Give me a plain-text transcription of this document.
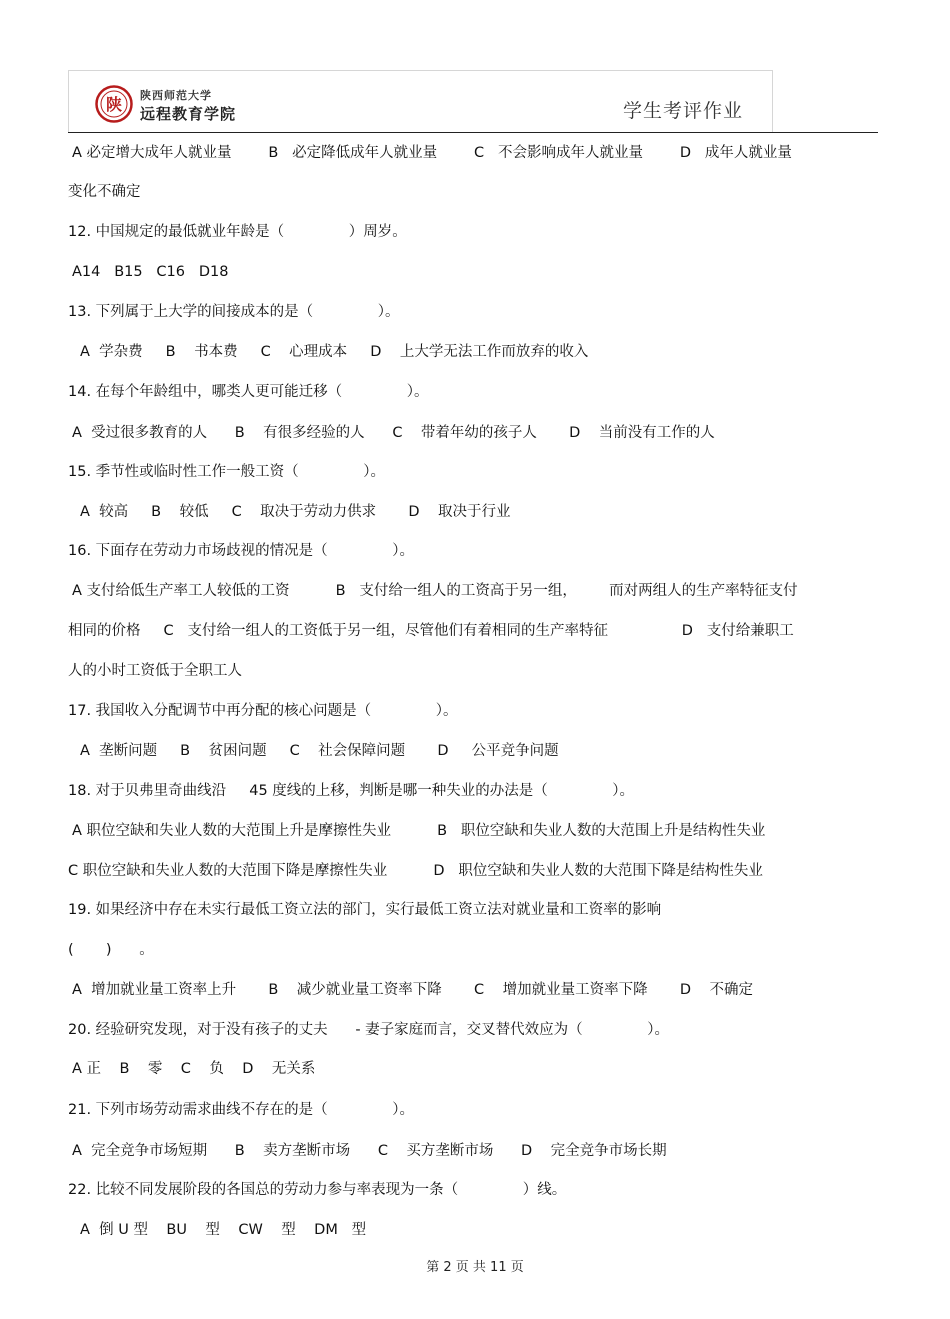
陕 陕西师范大学
远程教育学院	学生考评作业
A 必定增大成年人就业量        B   必定降低成年人就业量        C   不会影响成年人就业量        D   成年人就业量
变化不确定
12. 中国规定的最低就业年龄是（              ）周岁。
A14   B15   C16   D18
13. 下列属于上大学的间接成本的是（              ）。
A  学杂费     B    书本费     C    心理成本     D    上大学无法工作而放弃的收入
14. 在每个年龄组中，哪类人更可能迁移（              ）。
A  受过很多教育的人      B    有很多经验的人      C    带着年幼的孩子人       D    当前没有工作的人
15. 季节性或临时性工作一般工资（              ）。
A  较高     B    较低     C    取决于劳动力供求       D    取决于行业
16. 下面存在劳动力市场歧视的情况是（              ）。
A 支付给低生产率工人较低的工资          B   支付给一组人的工资高于另一组，       而对两组人的生产率特征支付
相同的价格     C   支付给一组人的工资低于另一组，尽管他们有着相同的生产率特征                D   支付给兼职工
人的小时工资低于全职工人
17. 我国收入分配调节中再分配的核心问题是（              ）。
A  垄断问题     B    贫困问题     C    社会保障问题       D     公平竞争问题
18. 对于贝弗里奇曲线沿     45 度线的上移，判断是哪一种失业的办法是（              ）。
A 职位空缺和失业人数的大范围上升是摩擦性失业          B   职位空缺和失业人数的大范围上升是结构性失业
C 职位空缺和失业人数的大范围下降是摩擦性失业          D   职位空缺和失业人数的大范围下降是结构性失业
19. 如果经济中存在未实行最低工资立法的部门，实行最低工资立法对就业量和工资率的影响
(       )      。
A  增加就业量工资率上升       B    减少就业量工资率下降       C    增加就业量工资率下降       D    不确定
20. 经验研究发现，对于没有孩子的丈夫      - 妻子家庭而言，交叉替代效应为（              ）。
A 正    B    零    C    负    D    无关系
21. 下列市场劳动需求曲线不存在的是（              ）。
A  完全竞争市场短期      B    卖方垄断市场      C    买方垄断市场      D    完全竞争市场长期
22. 比较不同发展阶段的各国总的劳动力参与率表现为一条（              ）线。
A  倒 U 型    BU    型    CW    型    DM   型
第 2 页 共 11 页
